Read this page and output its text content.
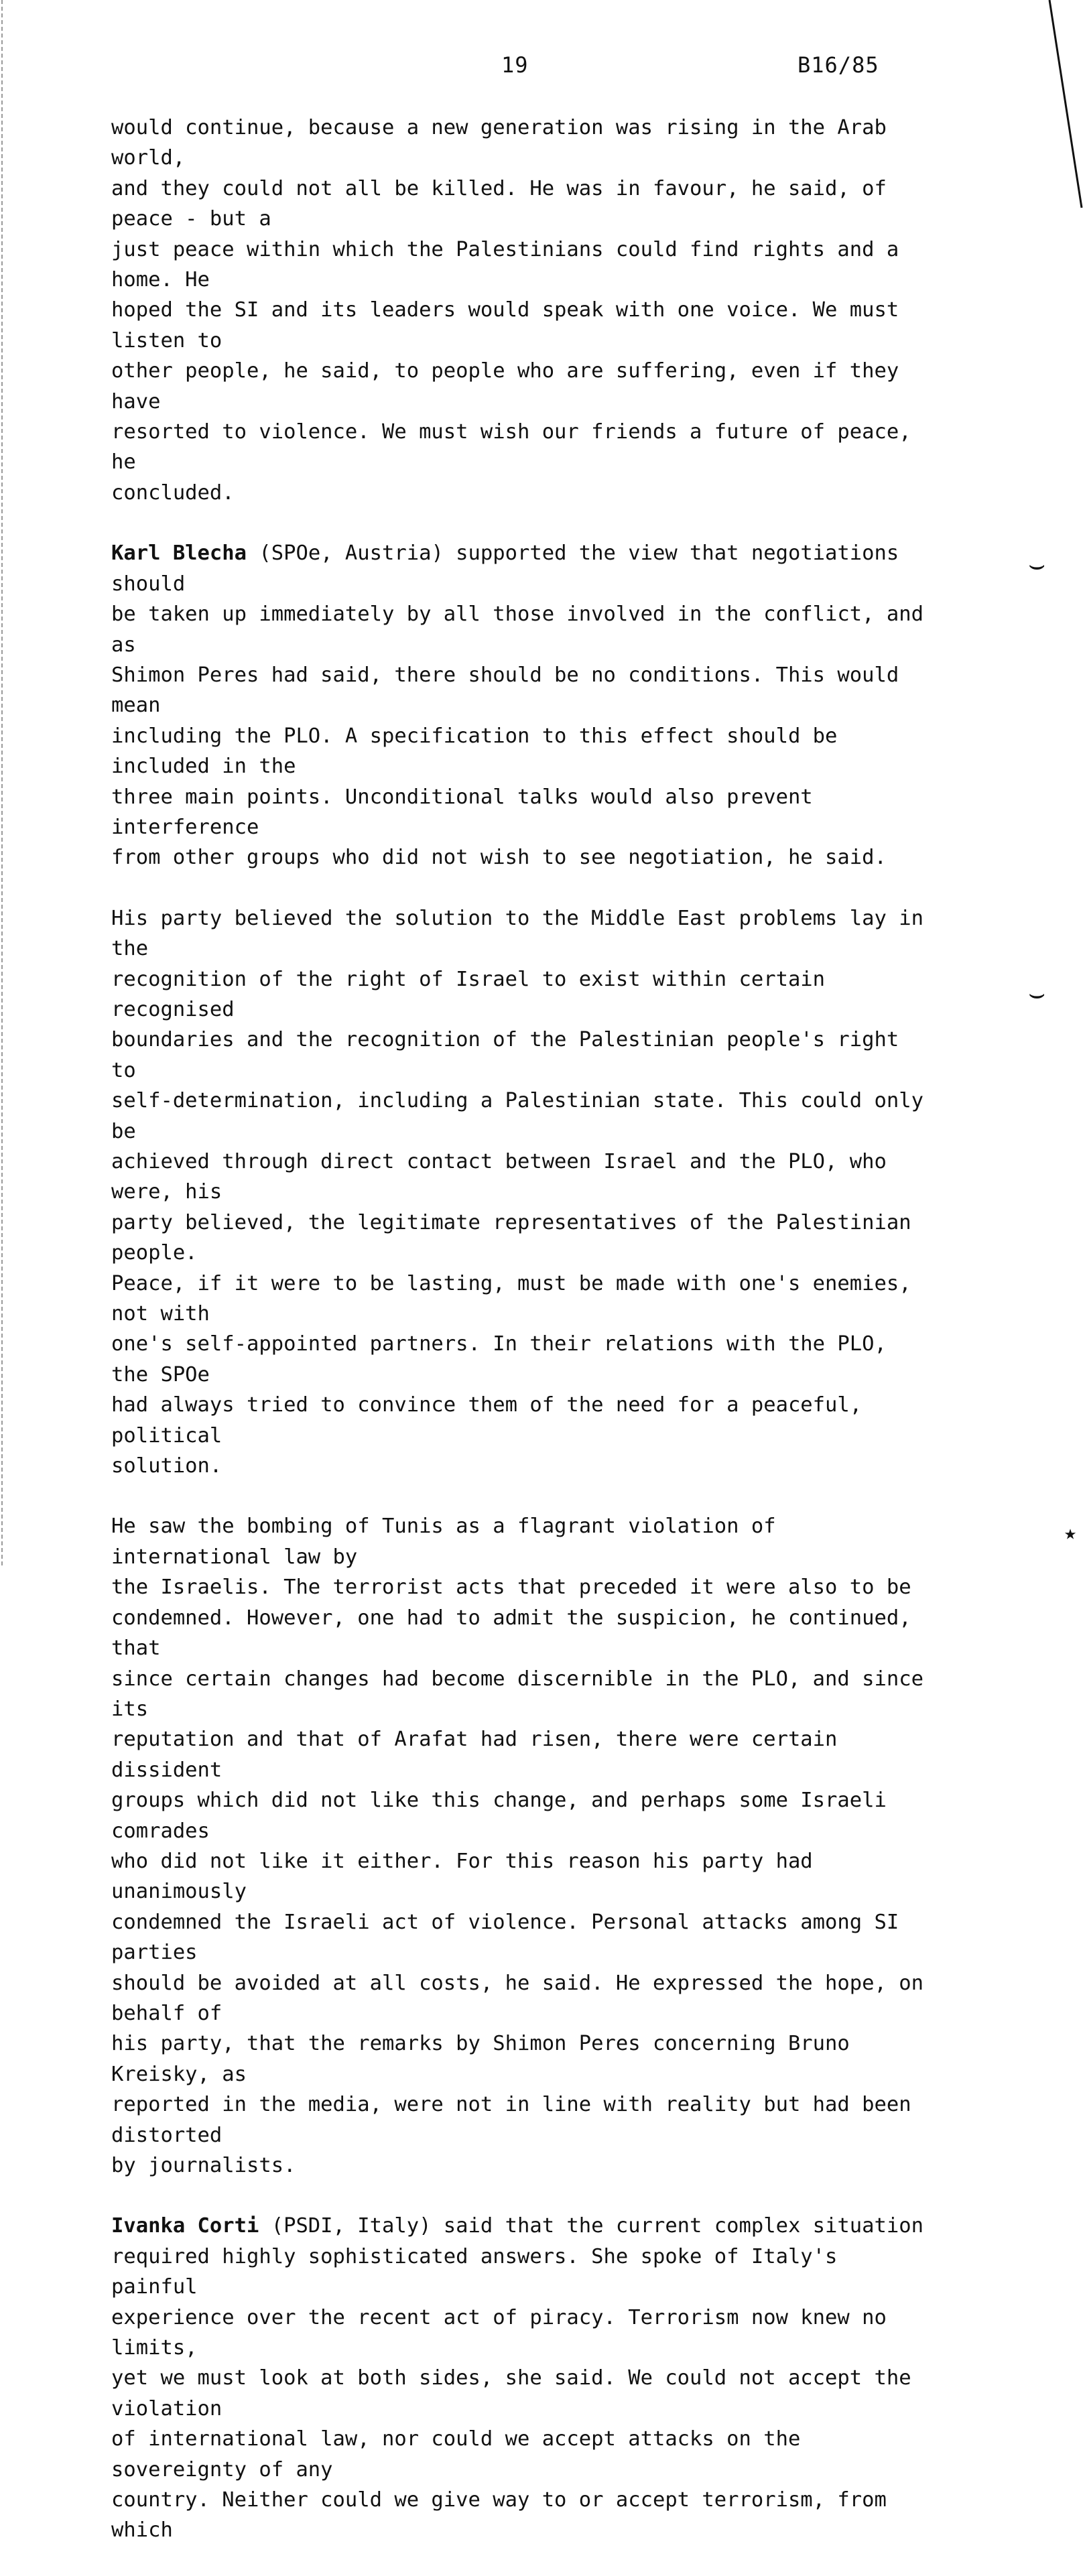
⌣
⌣
★
19	B16/85

would continue, because a new generation was rising in the Arab world,
and they could not all be killed. He was in favour, he said, of peace - but a
just peace within which the Palestinians could find rights and a home. He
hoped the SI and its leaders would speak with one voice. We must listen to
other people, he said, to people who are suffering, even if they have
resorted to violence. We must wish our friends a future of peace, he
concluded.

Karl Blecha (SPOe, Austria) supported the view that negotiations should
be taken up immediately by all those involved in the conflict, and as
Shimon Peres had said, there should be no conditions. This would mean
including the PLO. A specification to this effect should be included in the
three main points. Unconditional talks would also prevent interference
from other groups who did not wish to see negotiation, he said.

His party believed the solution to the Middle East problems lay in the
recognition of the right of Israel to exist within certain recognised
boundaries and the recognition of the Palestinian people's right to
self-determination, including a Palestinian state. This could only be
achieved through direct contact between Israel and the PLO, who were, his
party believed, the legitimate representatives of the Palestinian people.
Peace, if it were to be lasting, must be made with one's enemies, not with
one's self-appointed partners. In their relations with the PLO, the SPOe
had always tried to convince them of the need for a peaceful, political
solution.

He saw the bombing of Tunis as a flagrant violation of international law by
the Israelis. The terrorist acts that preceded it were also to be
condemned. However, one had to admit the suspicion, he continued, that
since certain changes had become discernible in the PLO, and since its
reputation and that of Arafat had risen, there were certain dissident
groups which did not like this change, and perhaps some Israeli comrades
who did not like it either. For this reason his party had unanimously
condemned the Israeli act of violence. Personal attacks among SI parties
should be avoided at all costs, he said. He expressed the hope, on behalf of
his party, that the remarks by Shimon Peres concerning Bruno Kreisky, as
reported in the media, were not in line with reality but had been distorted
by journalists.

Ivanka Corti (PSDI, Italy) said that the current complex situation
required highly sophisticated answers. She spoke of Italy's painful
experience over the recent act of piracy. Terrorism now knew no limits,
yet we must look at both sides, she said. We could not accept the violation
of international law, nor could we accept attacks on the sovereignty of any
country. Neither could we give way to or accept terrorism, from which
